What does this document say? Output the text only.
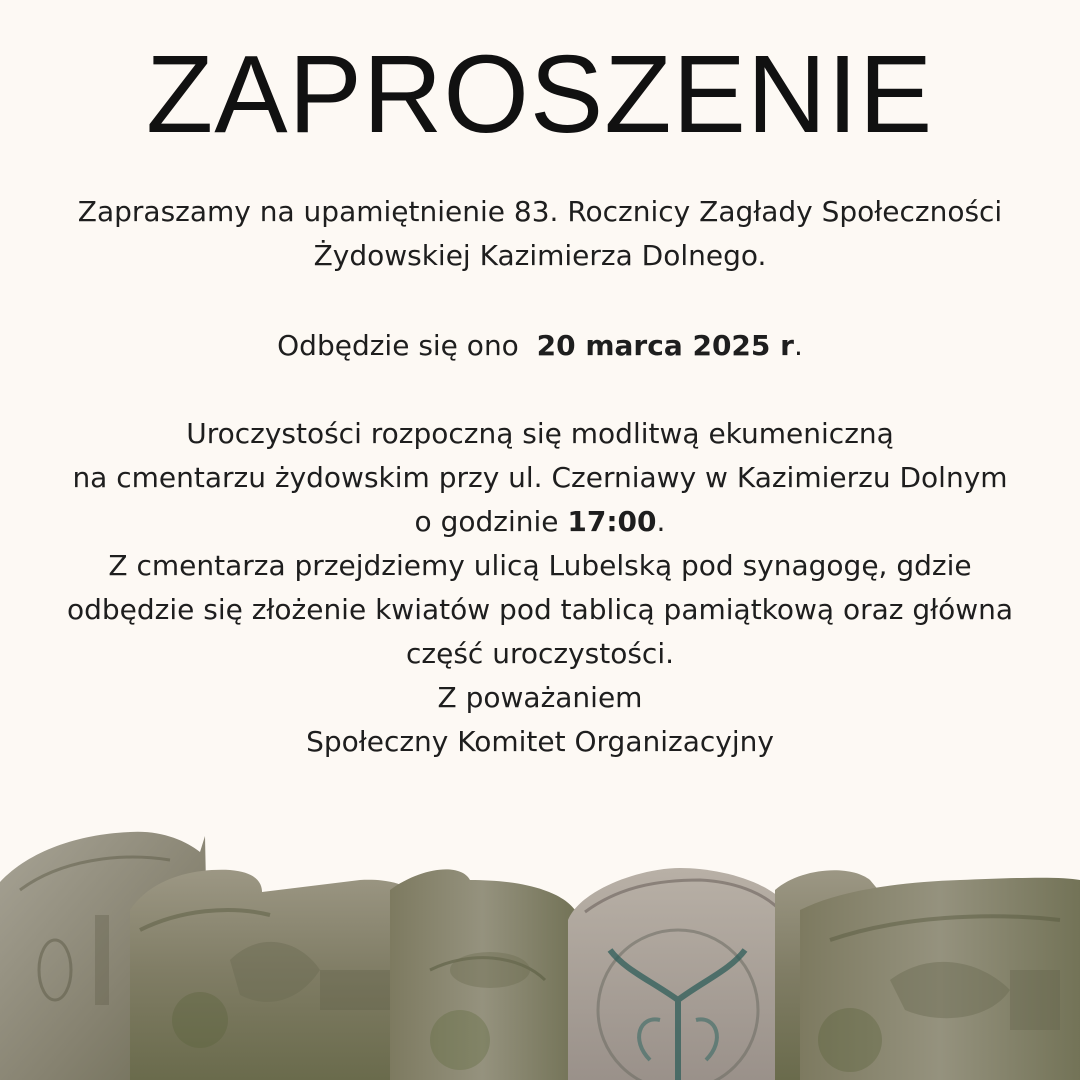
ZAPROSZENIE

Zapraszamy na upamiętnienie 83. Rocznicy Zagłady Społeczności

Żydowskiej Kazimierza Dolnego.

Odbędzie się ono  20 marca 2025 r.

Uroczystości rozpoczną się modlitwą ekumeniczną

na cmentarzu żydowskim przy ul. Czerniawy w Kazimierzu Dolnym

o godzinie 17:00.

Z cmentarza przejdziemy ulicą Lubelską pod synagogę, gdzie

odbędzie się złożenie kwiatów pod tablicą pamiątkową oraz główna

część uroczystości.

Z poważaniem

Społeczny Komitet Organizacyjny
